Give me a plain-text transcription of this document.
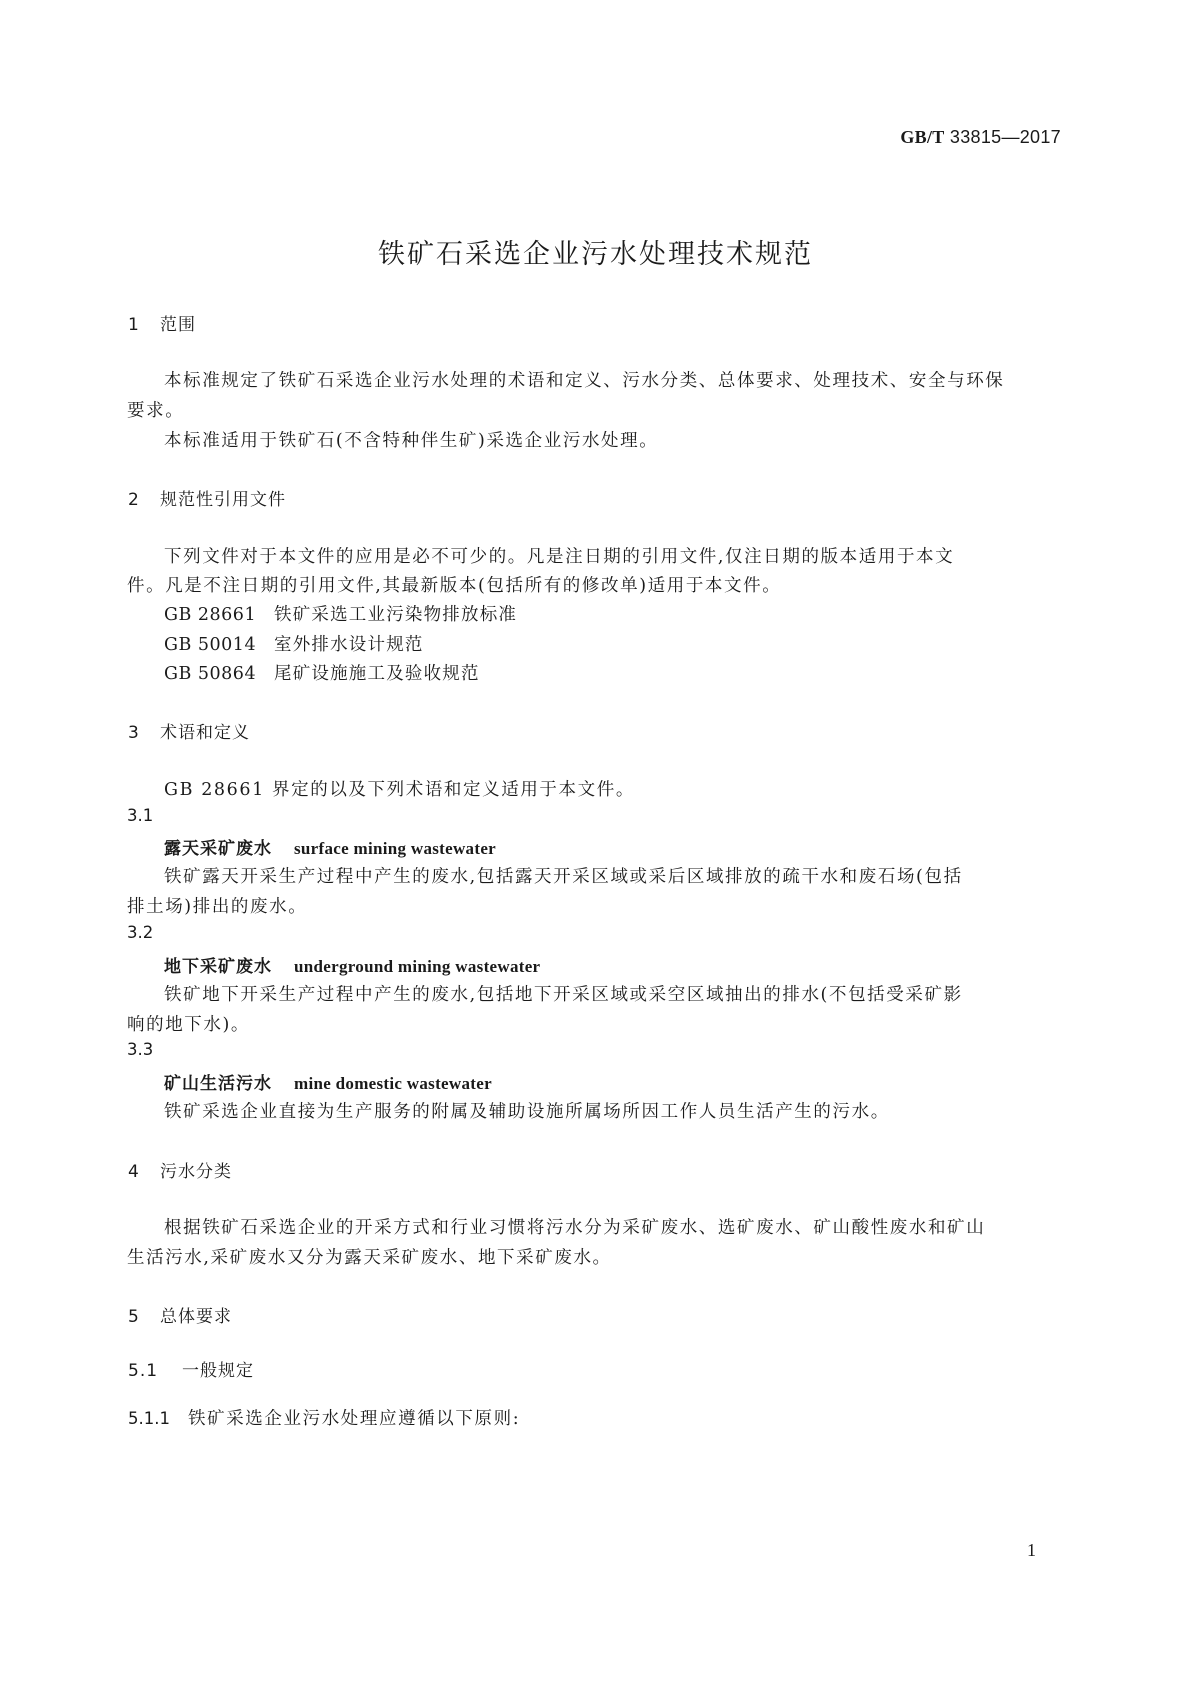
GB/T 33815—2017
铁矿石采选企业污水处理技术规范
1 范围
本标准规定了铁矿石采选企业污水处理的术语和定义、污水分类、总体要求、处理技术、安全与环保
要求。
本标准适用于铁矿石(不含特种伴生矿)采选企业污水处理。
2 规范性引用文件
下列文件对于本文件的应用是必不可少的。凡是注日期的引用文件,仅注日期的版本适用于本文
件。凡是不注日期的引用文件,其最新版本(包括所有的修改单)适用于本文件。
GB 28661 铁矿采选工业污染物排放标准
GB 50014 室外排水设计规范
GB 50864 尾矿设施施工及验收规范
3 术语和定义
GB 28661 界定的以及下列术语和定义适用于本文件。
3.1
露天采矿废水 surface mining wastewater
铁矿露天开采生产过程中产生的废水,包括露天开采区域或采后区域排放的疏干水和废石场(包括
排土场)排出的废水。
3.2
地下采矿废水 underground mining wastewater
铁矿地下开采生产过程中产生的废水,包括地下开采区域或采空区域抽出的排水(不包括受采矿影
响的地下水)。
3.3
矿山生活污水 mine domestic wastewater
铁矿采选企业直接为生产服务的附属及辅助设施所属场所因工作人员生活产生的污水。
4 污水分类
根据铁矿石采选企业的开采方式和行业习惯将污水分为采矿废水、选矿废水、矿山酸性废水和矿山
生活污水,采矿废水又分为露天采矿废水、地下采矿废水。
5 总体要求
5.1 一般规定
5.1.1 铁矿采选企业污水处理应遵循以下原则:
1
